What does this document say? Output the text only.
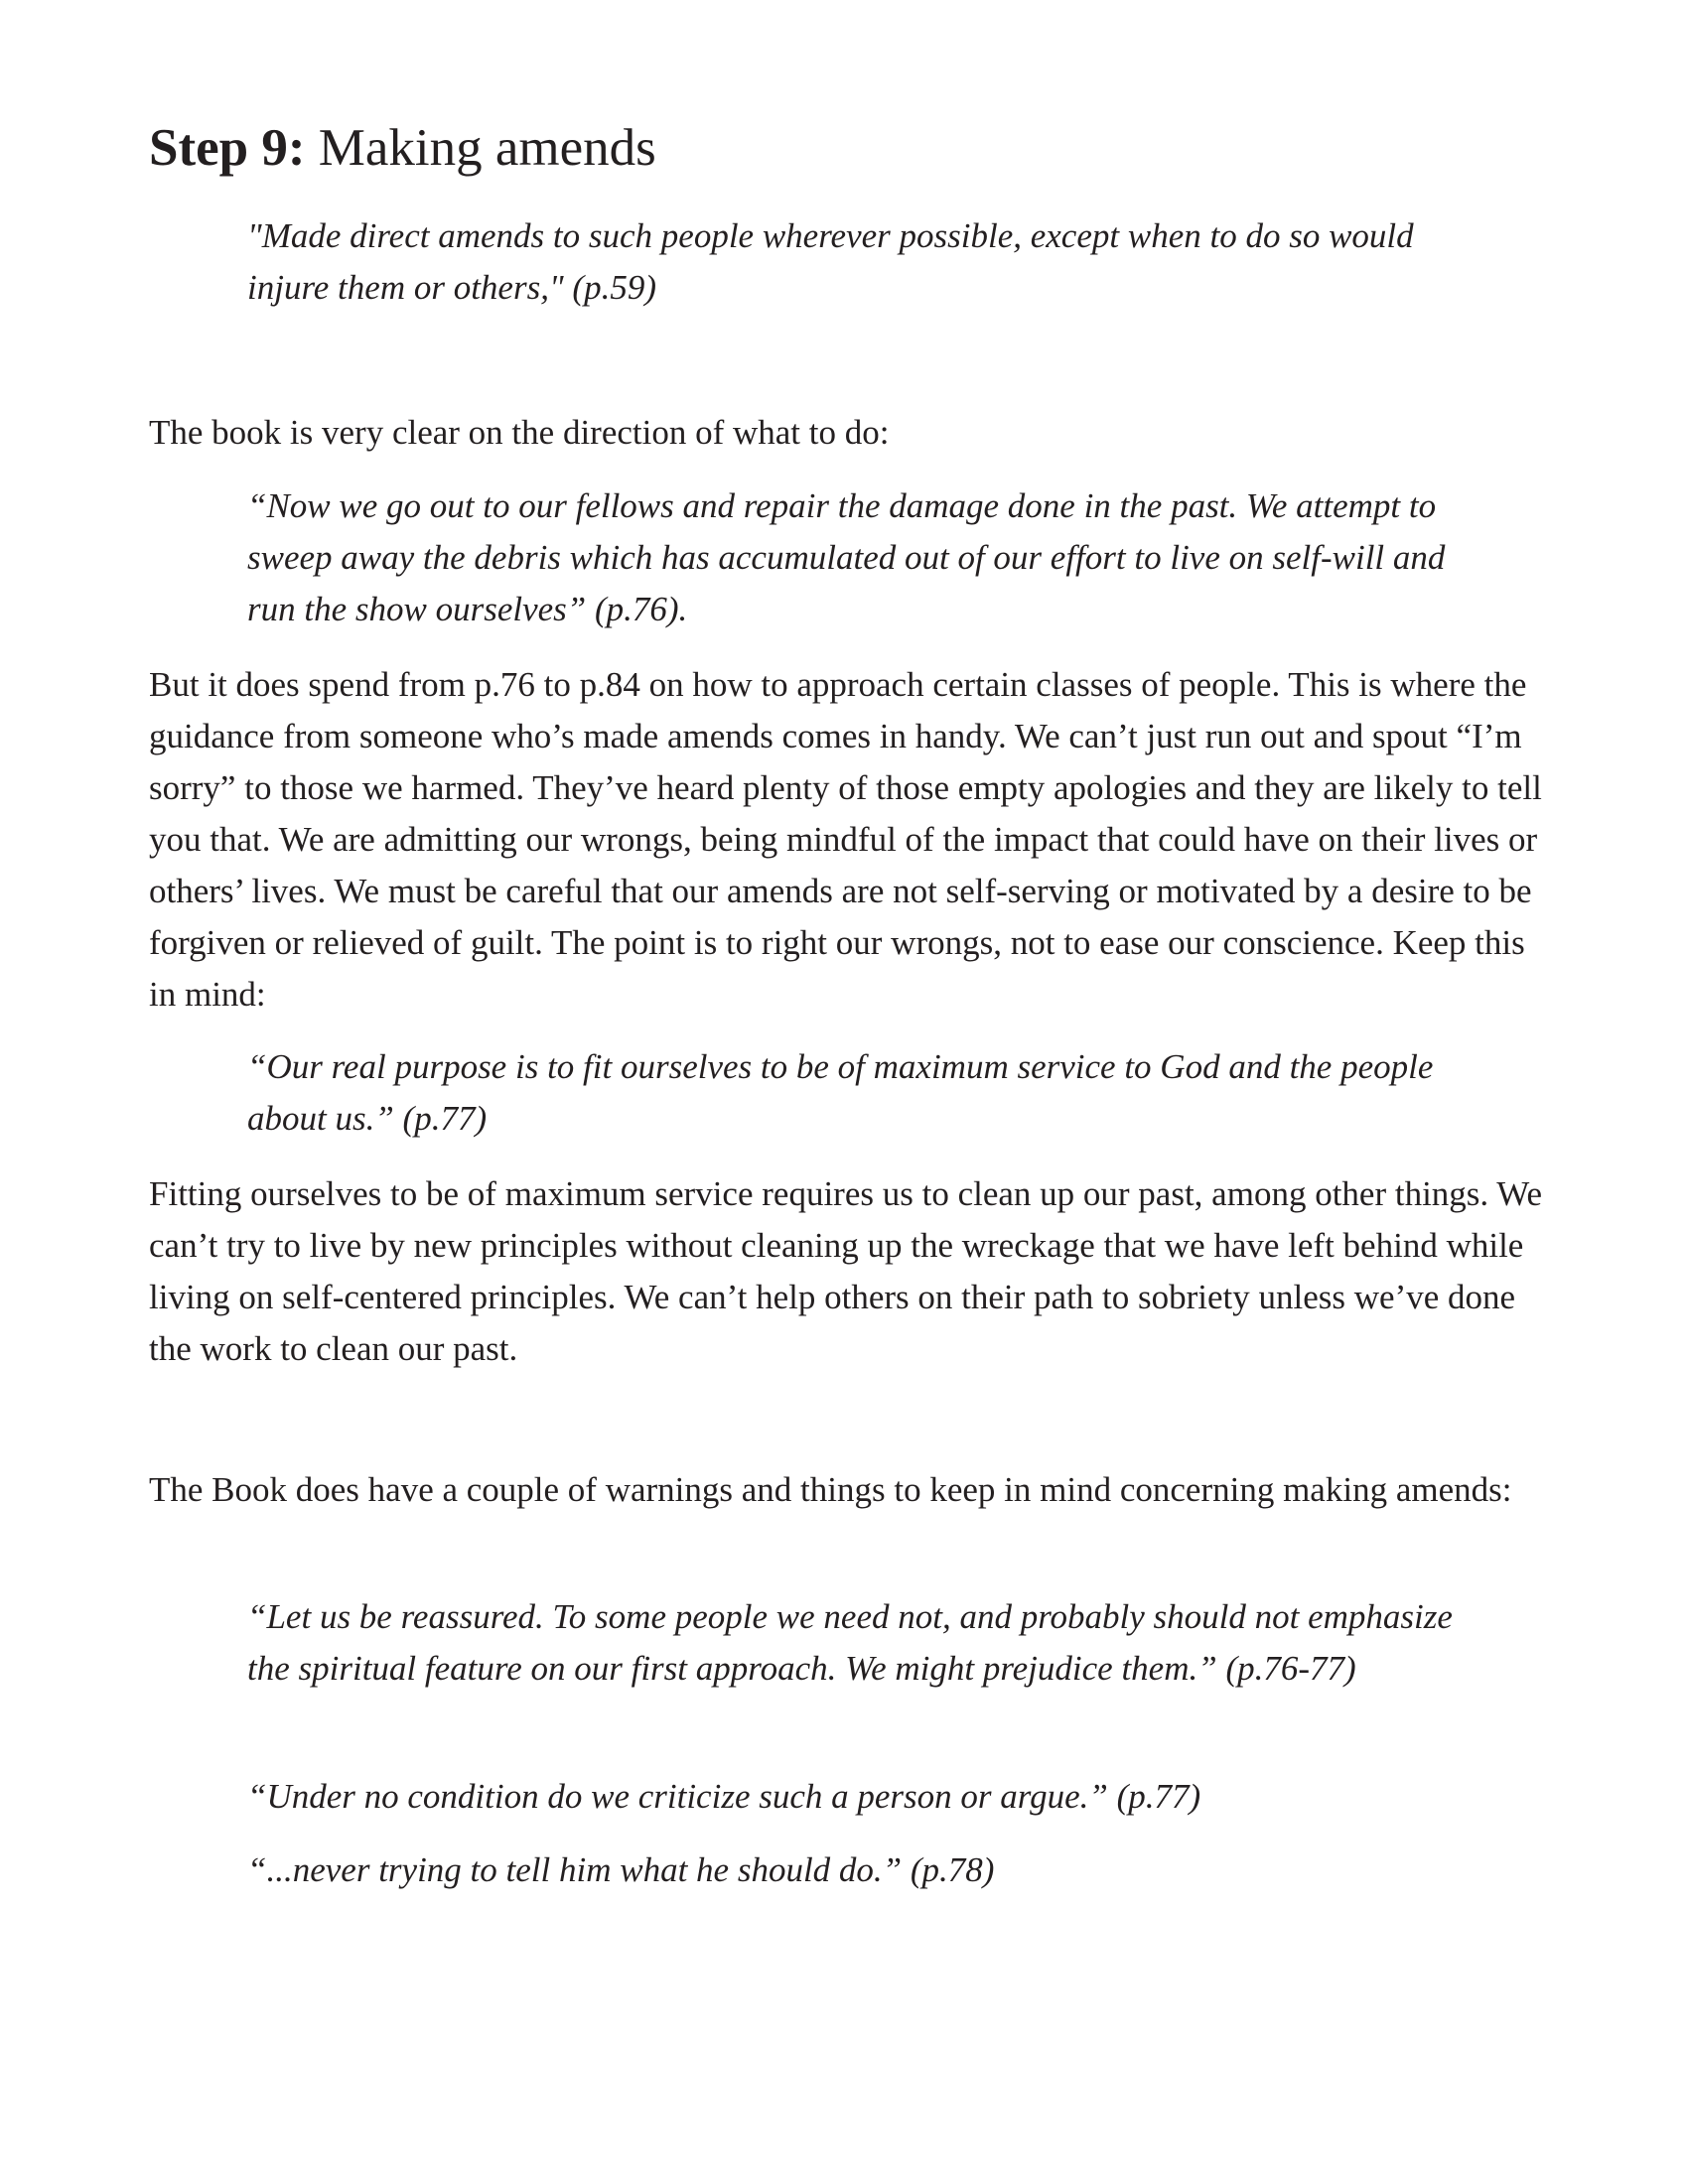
Step 9: Making amends

"Made direct amends to such people wherever possible, except when to do so would injure them or others," (p.59)

The book is very clear on the direction of what to do:

“Now we go out to our fellows and repair the damage done in the past. We attempt to sweep away the debris which has accumulated out of our effort to live on self-will and run the show ourselves” (p.76).

But it does spend from p.76 to p.84 on how to approach certain classes of people. This is where the guidance from someone who’s made amends comes in handy. We can’t just run out and spout “I’m sorry” to those we harmed. They’ve heard plenty of those empty apologies and they are likely to tell you that. We are admitting our wrongs, being mindful of the impact that could have on their lives or others’ lives. We must be careful that our amends are not self-serving or motivated by a desire to be forgiven or relieved of guilt. The point is to right our wrongs, not to ease our conscience. Keep this in mind:

“Our real purpose is to fit ourselves to be of maximum service to God and the people about us.” (p.77)

Fitting ourselves to be of maximum service requires us to clean up our past, among other things. We can’t try to live by new principles without cleaning up the wreckage that we have left behind while living on self-centered principles. We can’t help others on their path to sobriety unless we’ve done the work to clean our past.

The Book does have a couple of warnings and things to keep in mind concerning making amends:

“Let us be reassured. To some people we need not, and probably should not emphasize the spiritual feature on our first approach. We might prejudice them.” (p.76-77)

“Under no condition do we criticize such a person or argue.” (p.77)

“...never trying to tell him what he should do.” (p.78)
